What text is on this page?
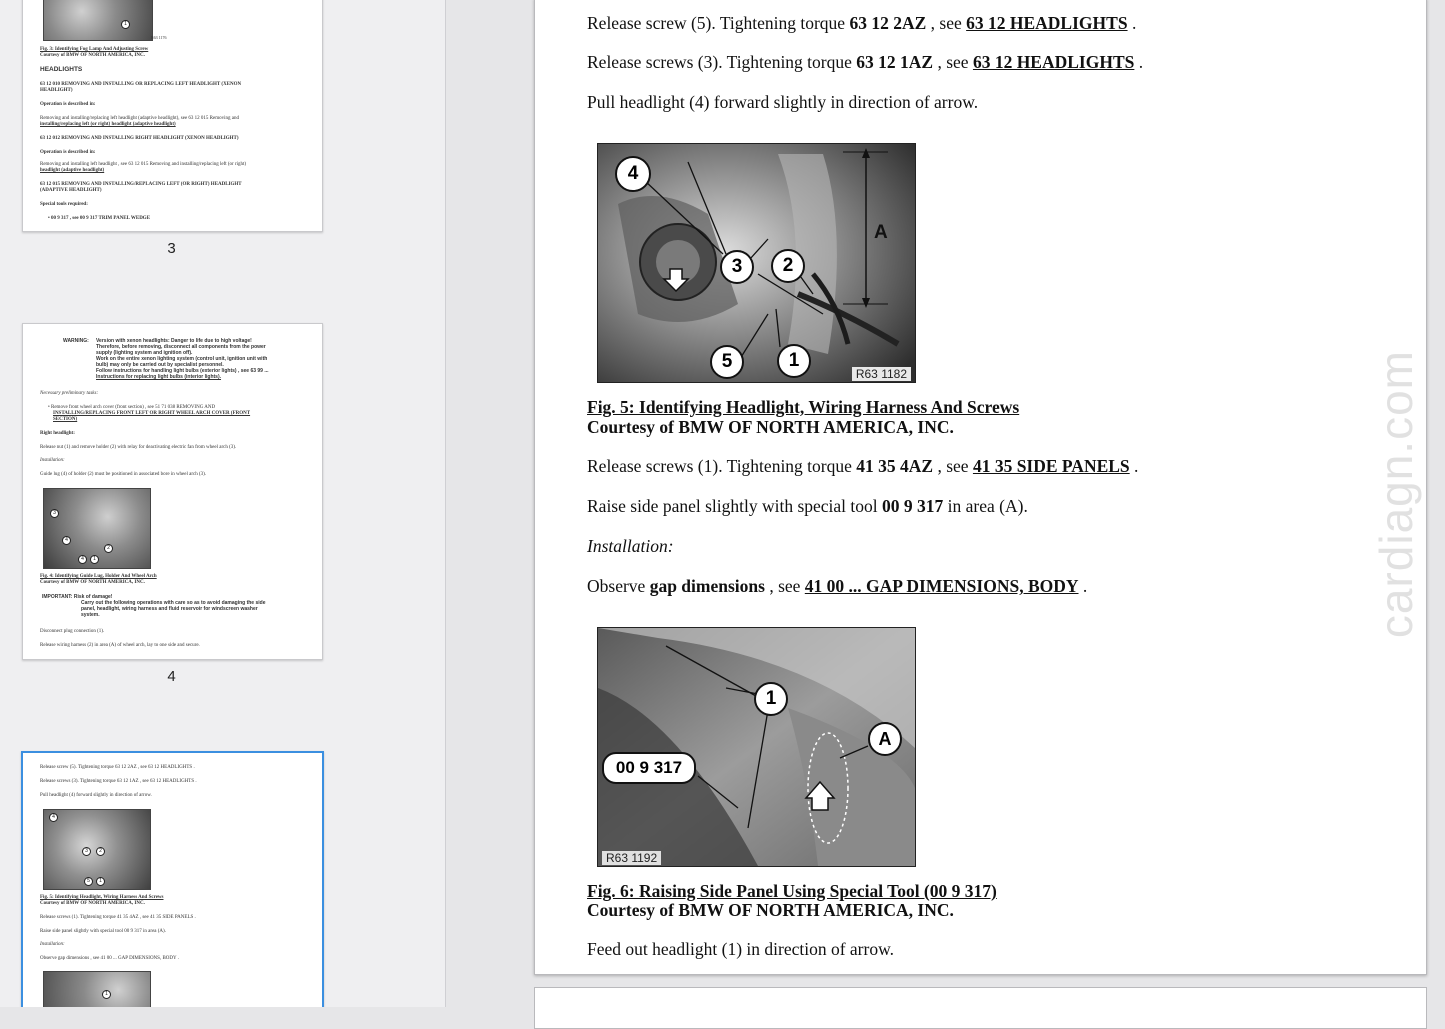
1
R63 1176
Fig. 3: Identifying Fog Lamp And Adjusting Screw
Courtesy of BMW OF NORTH AMERICA, INC.
HEADLIGHTS
63 12 010 REMOVING AND INSTALLING OR REPLACING LEFT HEADLIGHT (XENON
HEADLIGHT)
Operation is described in:
Removing and installing/replacing left headlight (adaptive headlight), see 63 12 015 Removing and
installing/replacing left (or right) headlight (adaptive headlight)
63 12 012 REMOVING AND INSTALLING RIGHT HEADLIGHT (XENON HEADLIGHT)
Operation is described in:
Removing and installing left headlight , see 63 12 015 Removing and installing/replacing left (or right)
headlight (adaptive headlight)
63 12 015 REMOVING AND INSTALLING/REPLACING LEFT (OR RIGHT) HEADLIGHT
(ADAPTIVE HEADLIGHT)
Special tools required:
• 00 9 317 , see 00 9 317 TRIM PANEL WEDGE
3
WARNING: Version with xenon headlights: Danger to life due to high voltage!
Therefore, before removing, disconnect all components from the power
supply (lighting system and ignition off).
Work on the entire xenon lighting system (control unit, ignition unit with
bulb) may only be carried out by specialist personnel.
Follow instructions for handling light bulbs (exterior lights) , see 63 99 ...
Instructions for replacing light bulbs (interior lights).
Necessary preliminary tasks:
• Remove front wheel arch cover (front section) , see 51 71 038 REMOVING AND
INSTALLING/REPLACING FRONT LEFT OR RIGHT WHEEL ARCH COVER (FRONT
SECTION)
Right headlight:
Release nut (1) and remove holder (2) with relay for deactivating electric fan from wheel arch (3).
Installation:
Guide lug (4) of holder (2) must be positioned in associated bore in wheel arch (3).
3
4
2
4	1
Fig. 4: Identifying Guide Lug, Holder And Wheel Arch
Courtesy of BMW OF NORTH AMERICA, INC.
IMPORTANT: Risk of damage!
Carry out the following operations with care so as to avoid damaging the side
panel, headlight, wiring harness and fluid reservoir for windscreen washer
system.
Disconnect plug connection (1).
Release wiring harness (2) in area (A) of wheel arch, lay to one side and secure.
4
Release screw (5). Tightening torque 63 12 2AZ , see 63 12 HEADLIGHTS .
Release screws (3). Tightening torque 63 12 1AZ , see 63 12 HEADLIGHTS .
Pull headlight (4) forward slightly in direction of arrow.
4
3	2
5	1
Fig. 5: Identifying Headlight, Wiring Harness And Screws
Courtesy of BMW OF NORTH AMERICA, INC.
Release screws (1). Tightening torque 41 35 4AZ , see 41 35 SIDE PANELS .
Raise side panel slightly with special tool 00 9 317 in area (A).
Installation:
Observe gap dimensions , see 41 00 ... GAP DIMENSIONS, BODY .
1
Release screw (5). Tightening torque 63 12 2AZ , see 63 12 HEADLIGHTS .
Release screws (3). Tightening torque 63 12 1AZ , see 63 12 HEADLIGHTS .
Pull headlight (4) forward slightly in direction of arrow.
4
3	2
A
5	1
R63 1182
Fig. 5: Identifying Headlight, Wiring Harness And Screws
Courtesy of BMW OF NORTH AMERICA, INC.
Release screws (1). Tightening torque 41 35 4AZ , see 41 35 SIDE PANELS .
Raise side panel slightly with special tool 00 9 317 in area (A).
Installation:
Observe gap dimensions , see 41 00 ... GAP DIMENSIONS, BODY .
1
A
00 9 317
R63 1192
Fig. 6: Raising Side Panel Using Special Tool (00 9 317)
Courtesy of BMW OF NORTH AMERICA, INC.
Feed out headlight (1) in direction of arrow.
cardiagn.com
